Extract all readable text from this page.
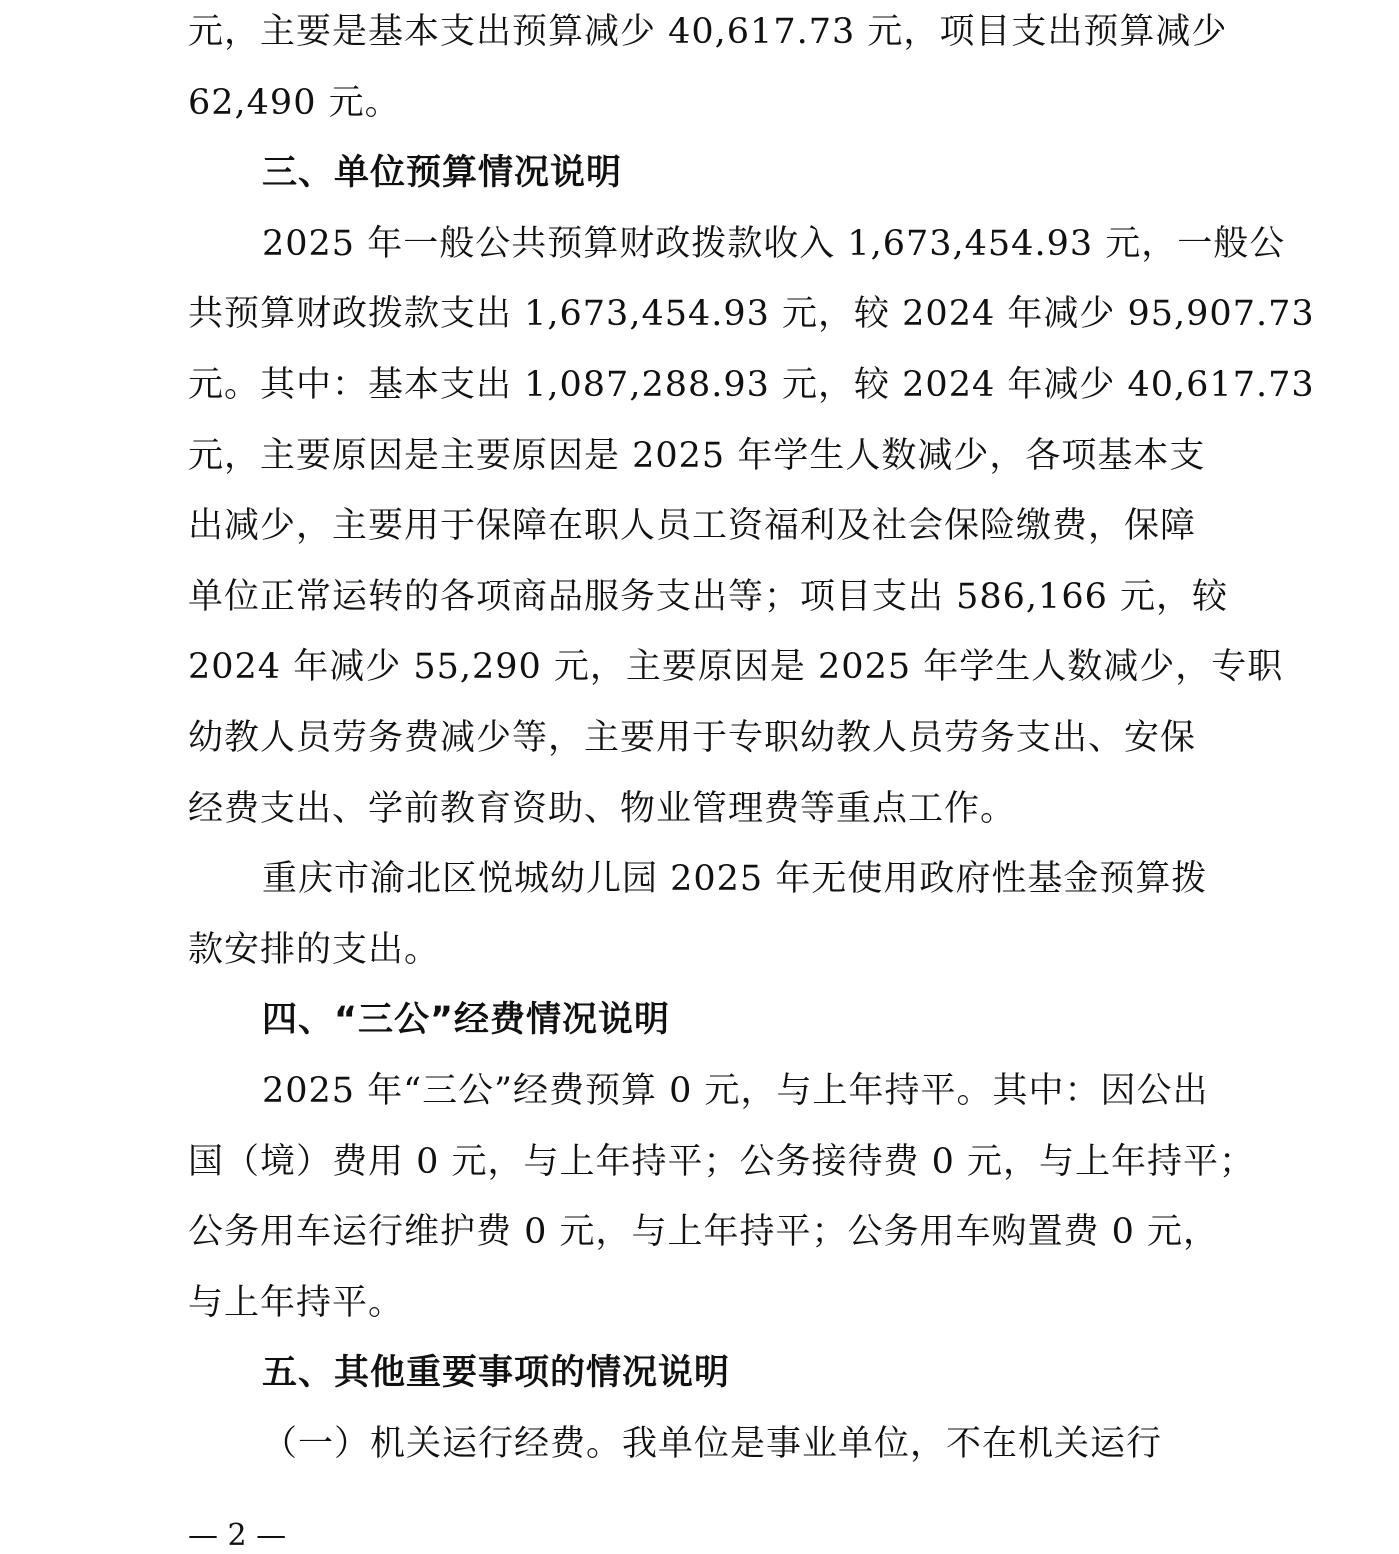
元，主要是基本支出预算减少 40,617.73 元，项目支出预算减少
62,490 元。
三、单位预算情况说明
2025 年一般公共预算财政拨款收入 1,673,454.93 元，一般公
共预算财政拨款支出 1,673,454.93 元，较 2024 年减少 95,907.73
元。其中：基本支出 1,087,288.93 元，较 2024 年减少 40,617.73
元，主要原因是主要原因是 2025 年学生人数减少，各项基本支
出减少，主要用于保障在职人员工资福利及社会保险缴费，保障
单位正常运转的各项商品服务支出等；项目支出 586,166 元，较
2024 年减少 55,290 元，主要原因是 2025 年学生人数减少，专职
幼教人员劳务费减少等，主要用于专职幼教人员劳务支出、安保
经费支出、学前教育资助、物业管理费等重点工作。
重庆市渝北区悦城幼儿园 2025 年无使用政府性基金预算拨
款安排的支出。
四、“三公”经费情况说明
2025 年“三公”经费预算 0 元，与上年持平。其中：因公出
国（境）费用 0 元，与上年持平；公务接待费 0 元，与上年持平；
公务用车运行维护费 0 元，与上年持平；公务用车购置费 0 元，
与上年持平。
五、其他重要事项的情况说明
（一）机关运行经费。我单位是事业单位，不在机关运行
— 2 —
